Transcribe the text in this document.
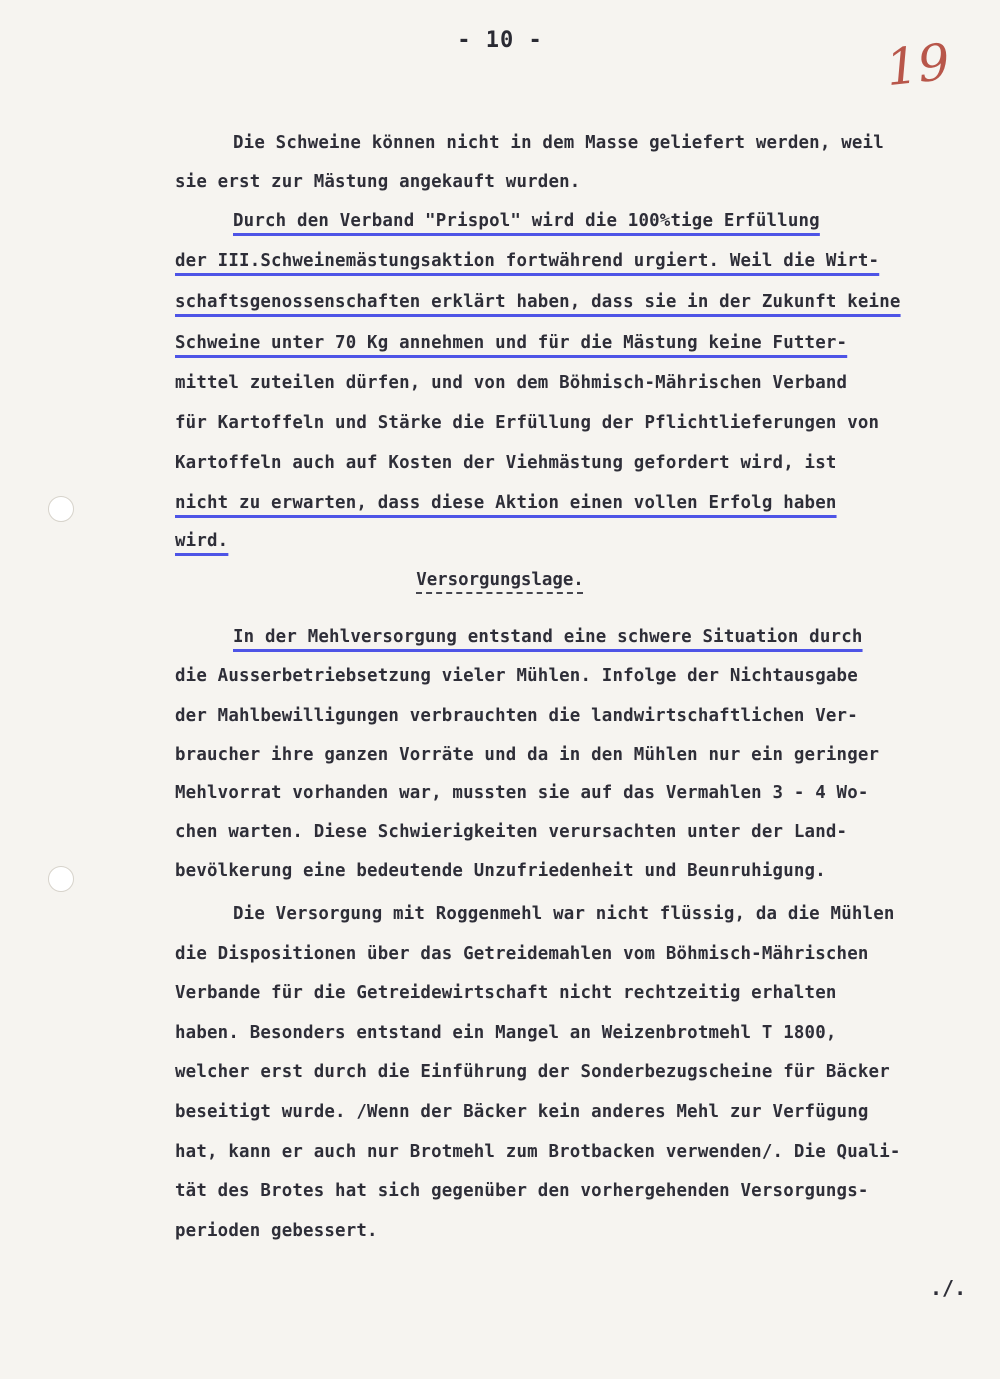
- 10 -	19
Die Schweine können nicht in dem Masse geliefert werden, weil
sie erst zur Mästung angekauft wurden.
Durch den Verband "Prispol" wird die 100%tige Erfüllung
der III.Schweinemästungsaktion fortwährend urgiert. Weil die Wirt-
schaftsgenossenschaften erklärt haben, dass sie in der Zukunft keine
Schweine unter 70 Kg annehmen und für die Mästung keine Futter-
mittel zuteilen dürfen, und von dem Böhmisch-Mährischen Verband
für Kartoffeln und Stärke die Erfüllung der Pflichtlieferungen von
Kartoffeln auch auf Kosten der Viehmästung gefordert wird, ist
nicht zu erwarten, dass diese Aktion einen vollen Erfolg haben
wird.
Versorgungslage.
In der Mehlversorgung entstand eine schwere Situation durch
die Ausserbetriebsetzung vieler Mühlen. Infolge der Nichtausgabe
der Mahlbewilligungen verbrauchten die landwirtschaftlichen Ver-
braucher ihre ganzen Vorräte und da in den Mühlen nur ein geringer
Mehlvorrat vorhanden war, mussten sie auf das Vermahlen 3 - 4 Wo-
chen warten. Diese Schwierigkeiten verursachten unter der Land-
bevölkerung eine bedeutende Unzufriedenheit und Beunruhigung.
Die Versorgung mit Roggenmehl war nicht flüssig, da die Mühlen
die Dispositionen über das Getreidemahlen vom Böhmisch-Mährischen
Verbande für die Getreidewirtschaft nicht rechtzeitig erhalten
haben. Besonders entstand ein Mangel an Weizenbrotmehl T 1800,
welcher erst durch die Einführung der Sonderbezugscheine für Bäcker
beseitigt wurde. /Wenn der Bäcker kein anderes Mehl zur Verfügung
hat, kann er auch nur Brotmehl zum Brotbacken verwenden/. Die Quali-
tät des Brotes hat sich gegenüber den vorhergehenden Versorgungs-
perioden gebessert.
./.
